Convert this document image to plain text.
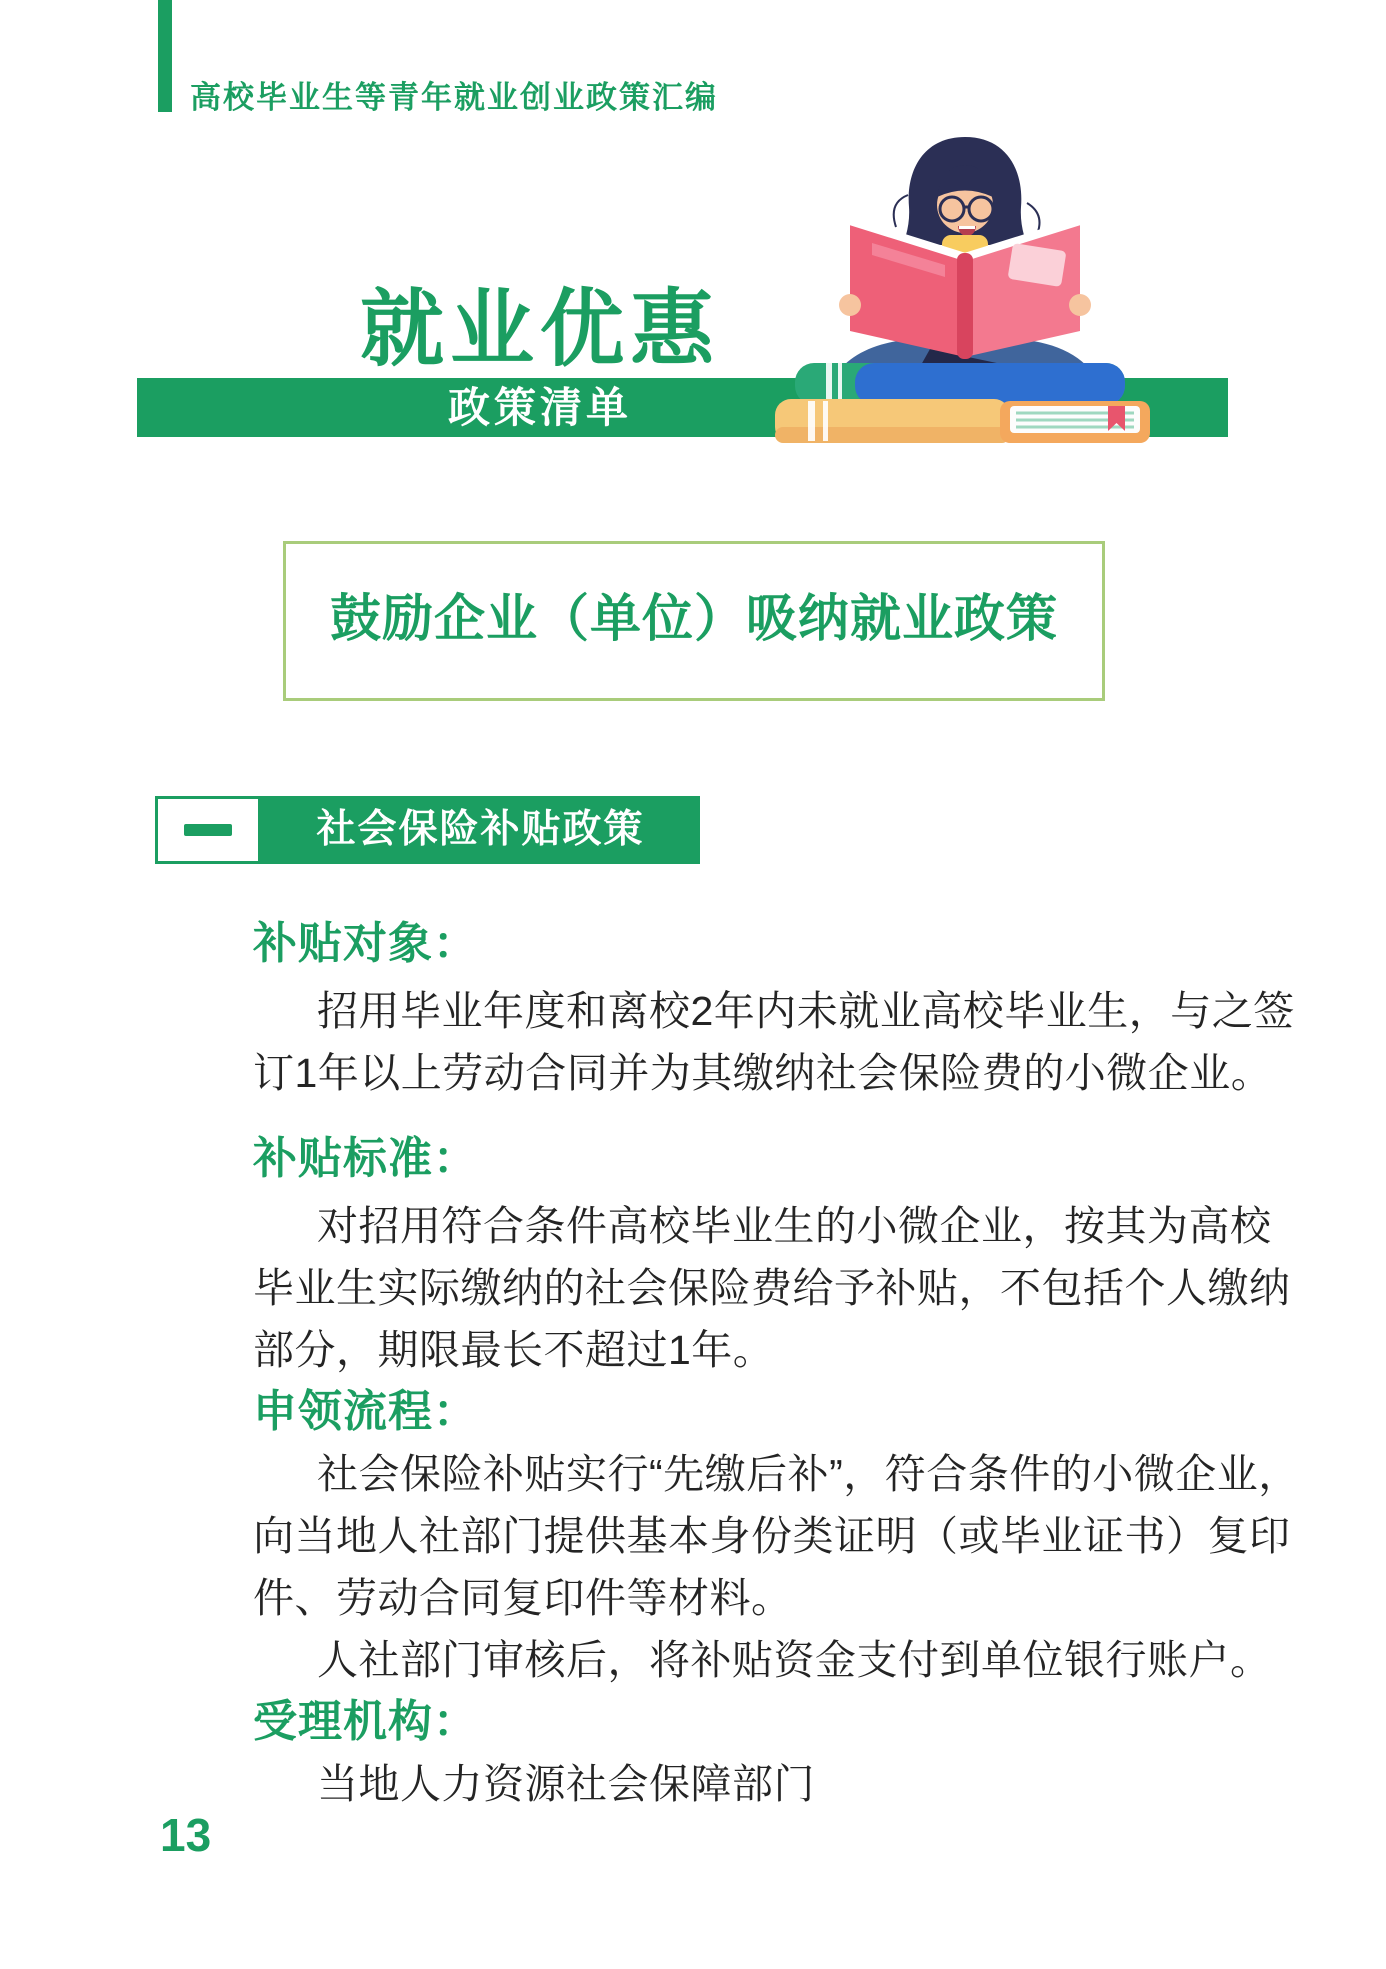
高校毕业生等青年就业创业政策汇编
就业优惠
政策清单
鼓励企业（单位）吸纳就业政策
社会保险补贴政策
补贴对象：
招用毕业年度和离校2年内未就业高校毕业生，与之签
订1年以上劳动合同并为其缴纳社会保险费的小微企业。
补贴标准：
对招用符合条件高校毕业生的小微企业，按其为高校
毕业生实际缴纳的社会保险费给予补贴，不包括个人缴纳
部分，期限最长不超过1年。
申领流程：
社会保险补贴实行“先缴后补”，符合条件的小微企业，
向当地人社部门提供基本身份类证明（或毕业证书）复印
件、劳动合同复印件等材料。
人社部门审核后，将补贴资金支付到单位银行账户。
受理机构：
当地人力资源社会保障部门
13
